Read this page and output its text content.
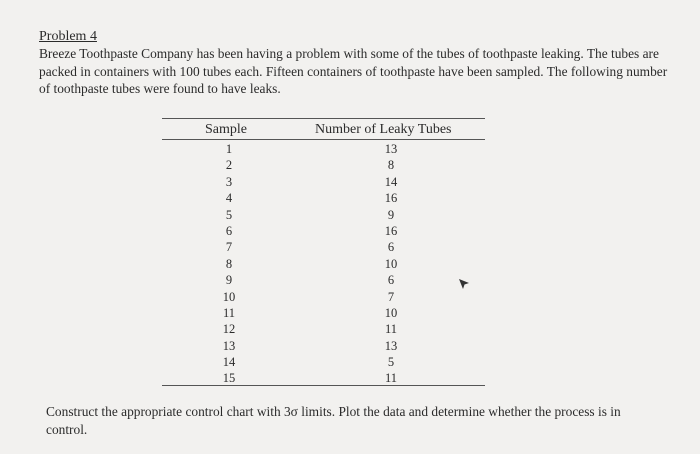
Problem 4
Breeze Toothpaste Company has been having a problem with some of the tubes of toothpaste leaking. The tubes are packed in containers with 100 tubes each. Fifteen containers of toothpaste have been sampled. The following number of toothpaste tubes were found to have leaks.
Sample	Number of Leaky Tubes
1	13
2	8
3	14
4	16
5	9
6	16
7	6
8	10
9	6
10	7
11	10
12	11
13	13
14	5
15	11
Construct the appropriate control chart with 3σ limits. Plot the data and determine whether the process is in control.
